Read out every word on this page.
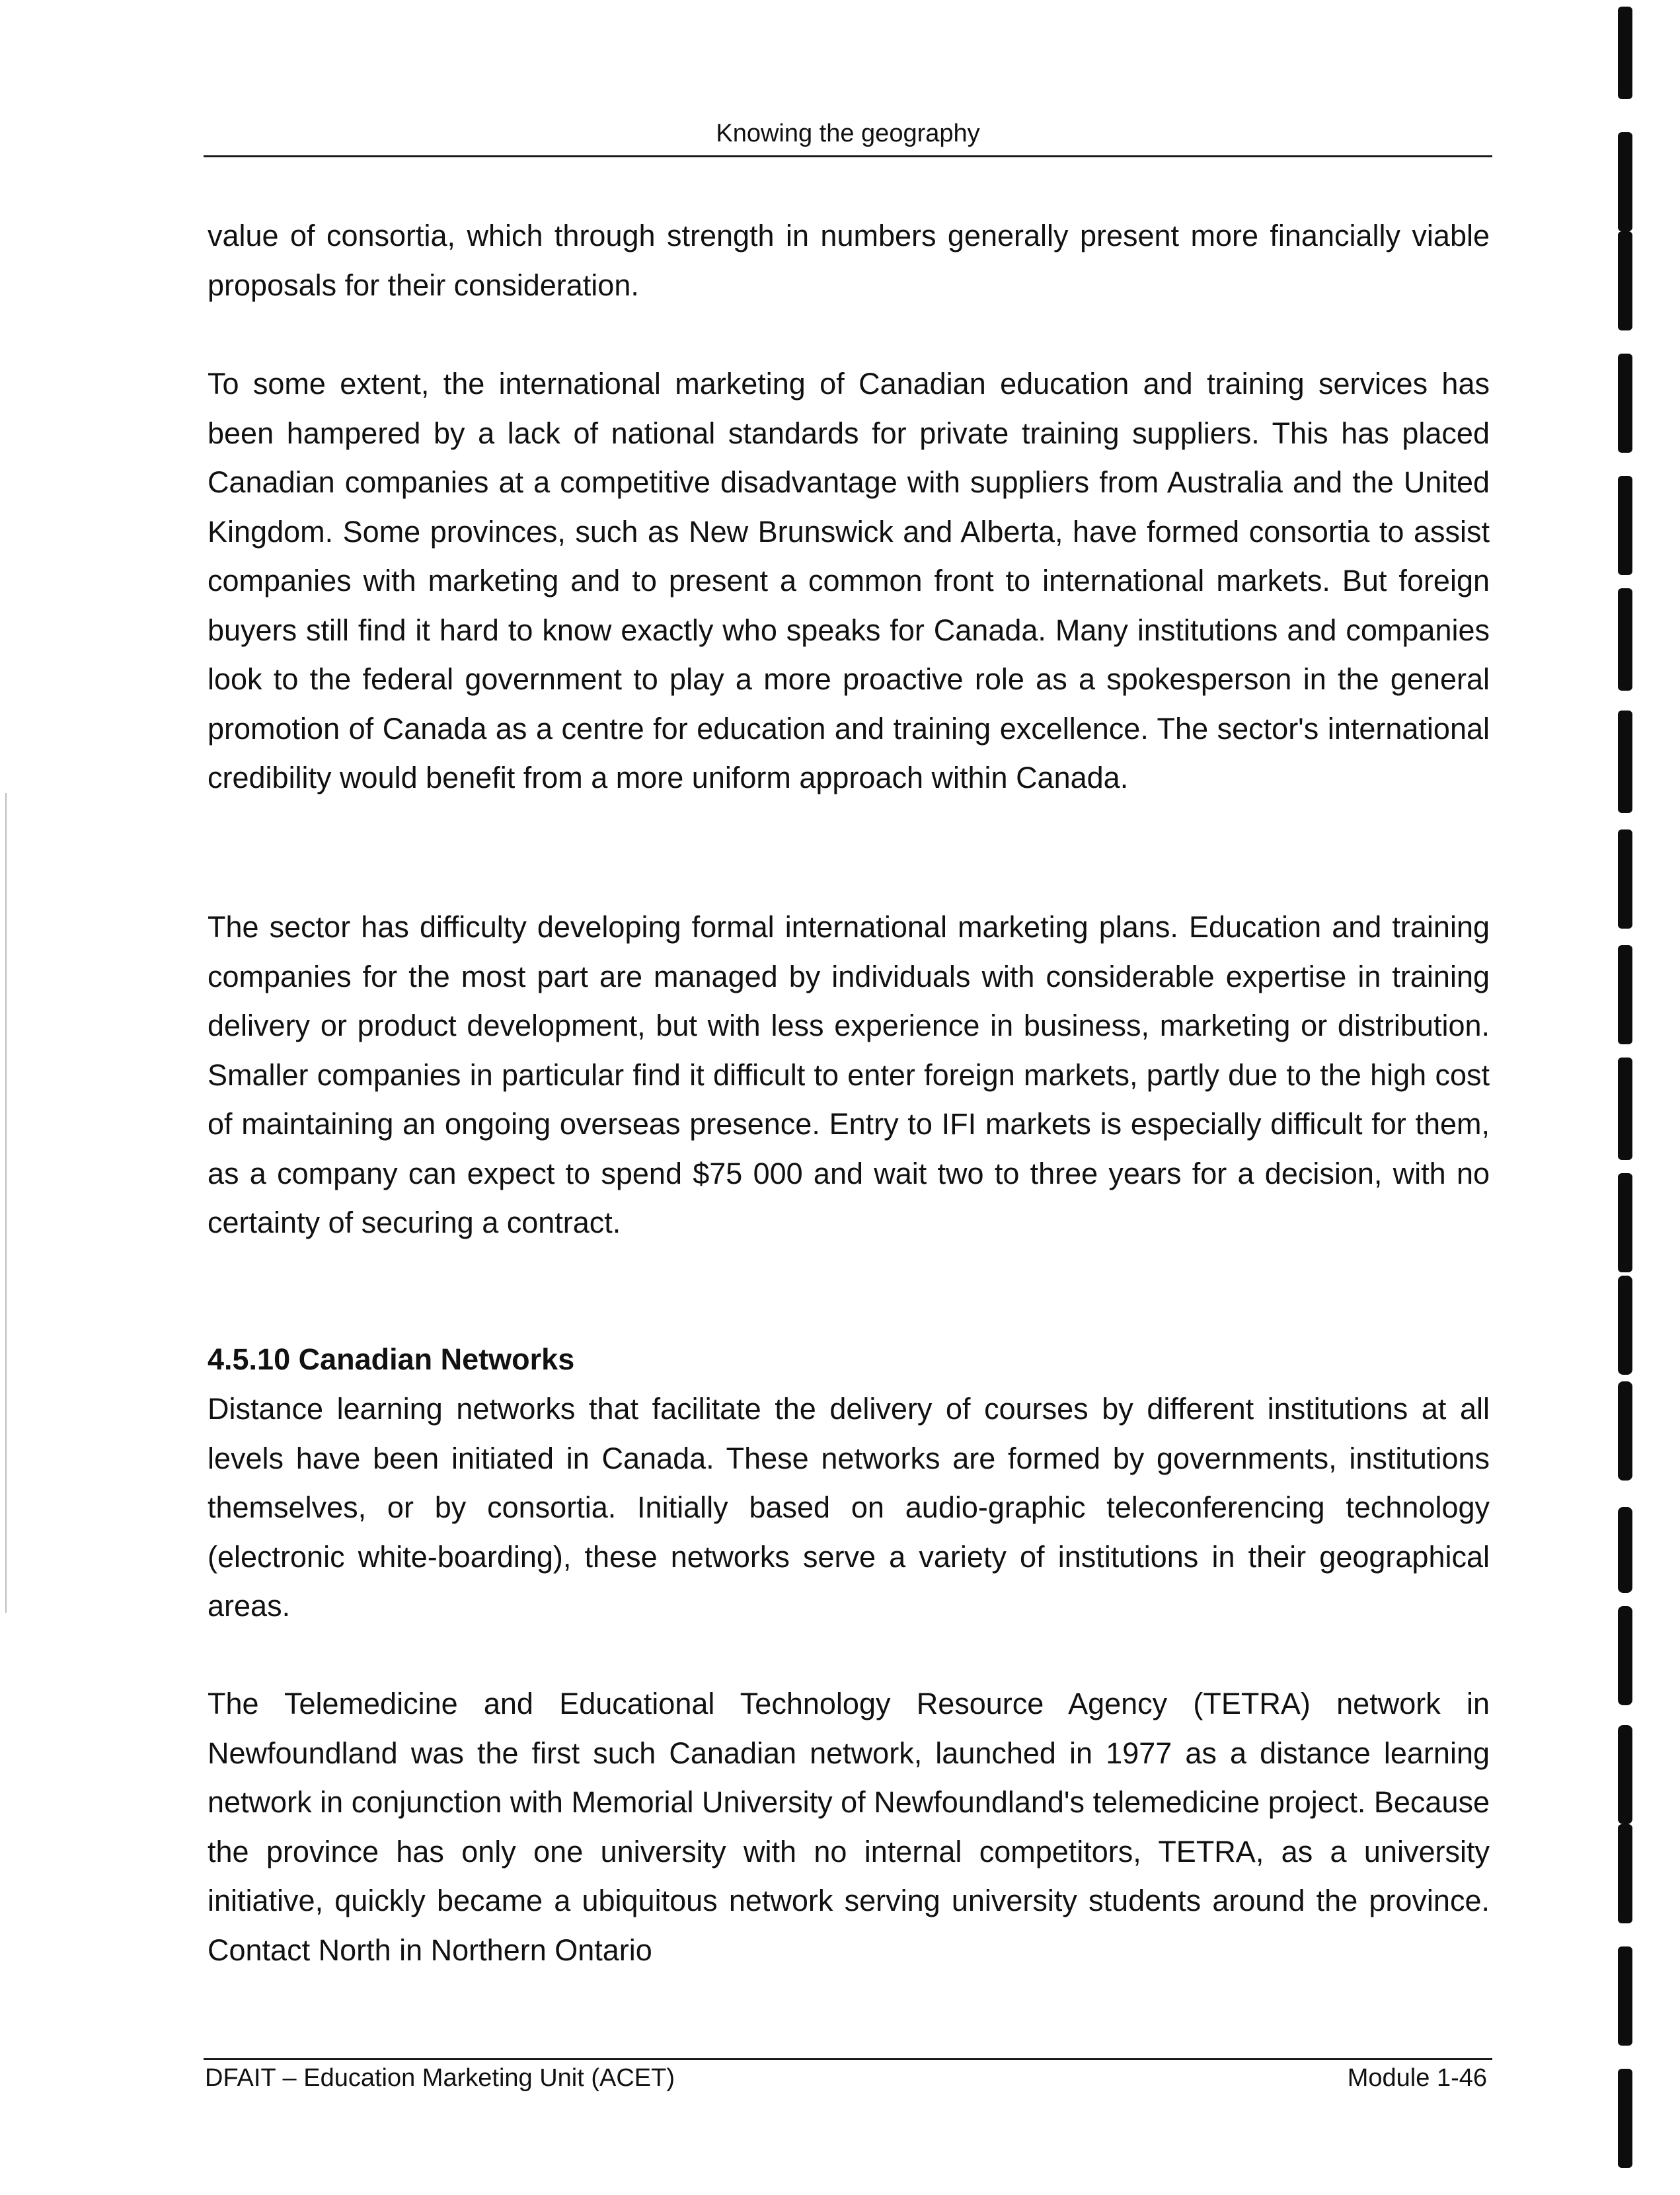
Knowing the geography

value of consortia, which through strength in numbers generally present more financially viable proposals for their consideration.

To some extent, the international marketing of Canadian education and training services has been hampered by a lack of national standards for private training suppliers. This has placed Canadian companies at a competitive disadvantage with suppliers from Australia and the United Kingdom. Some provinces, such as New Brunswick and Alberta, have formed consortia to assist companies with marketing and to present a common front to international markets. But foreign buyers still find it hard to know exactly who speaks for Canada. Many institutions and companies look to the federal government to play a more proactive role as a spokesperson in the general promotion of Canada as a centre for education and training excellence. The sector's international credibility would benefit from a more uniform approach within Canada.

The sector has difficulty developing formal international marketing plans. Education and training companies for the most part are managed by individuals with considerable expertise in training delivery or product development, but with less experience in business, marketing or distribution. Smaller companies in particular find it difficult to enter foreign markets, partly due to the high cost of maintaining an ongoing overseas presence. Entry to IFI markets is especially difficult for them, as a company can expect to spend $75 000 and wait two to three years for a decision, with no certainty of securing a contract.

4.5.10 Canadian Networks

Distance learning networks that facilitate the delivery of courses by different institutions at all levels have been initiated in Canada. These networks are formed by governments, institutions themselves, or by consortia. Initially based on audio-graphic teleconferencing technology (electronic white-boarding), these networks serve a variety of institutions in their geographical areas.

The Telemedicine and Educational Technology Resource Agency (TETRA) network in Newfoundland was the first such Canadian network, launched in 1977 as a distance learning network in conjunction with Memorial University of Newfoundland's telemedicine project. Because the province has only one university with no internal competitors, TETRA, as a university initiative, quickly became a ubiquitous network serving university students around the province. Contact North in Northern Ontario

DFAIT – Education Marketing Unit (ACET)	Module 1-46
